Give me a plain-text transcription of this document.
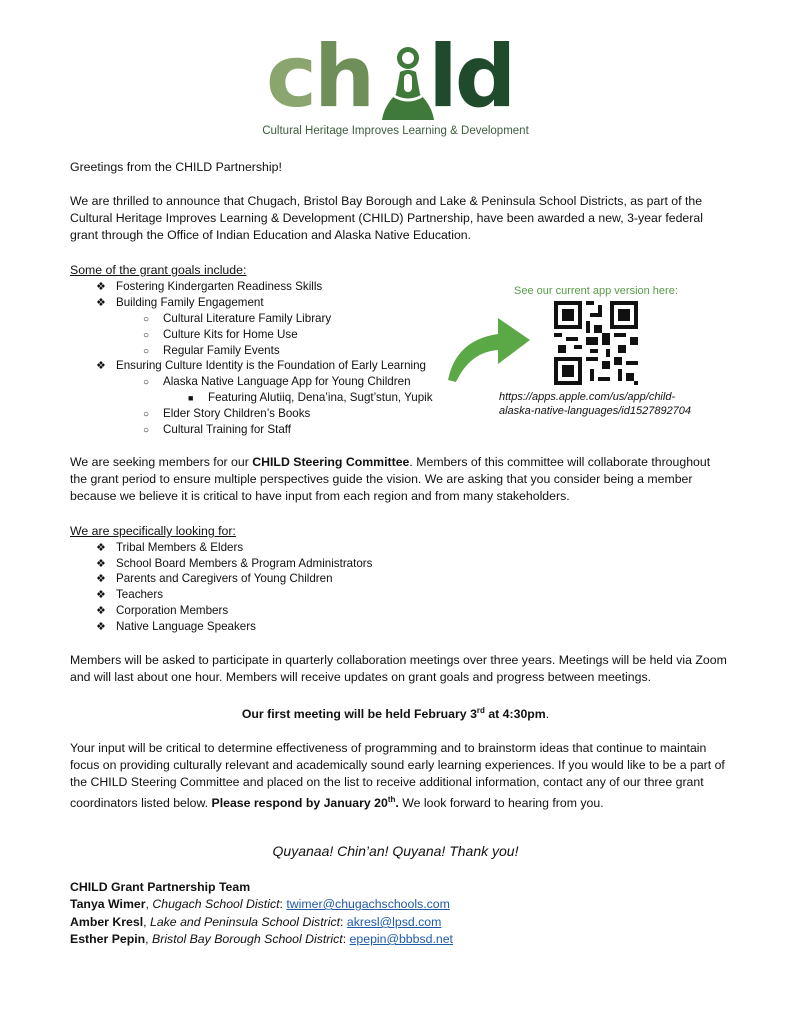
ch ld
Cultural Heritage Improves Learning & Development

Greetings from the CHILD Partnership!

We are thrilled to announce that Chugach, Bristol Bay Borough and Lake & Peninsula School Districts, as part of the Cultural Heritage Improves Learning & Development (CHILD) Partnership, have been awarded a new, 3-year federal grant through the Office of Indian Education and Alaska Native Education.

Some of the grant goals include:

❖ Fostering Kindergarten Readiness Skills
❖ Building Family Engagement
○ Cultural Literature Family Library
○ Culture Kits for Home Use
○ Regular Family Events
❖ Ensuring Culture Identity is the Foundation of Early Learning
○ Alaska Native Language App for Young Children
■ Featuring Alutiiq, Dena’ina, Sugt’stun, Yupik
○ Elder Story Children’s Books
○ Cultural Training for Staff
See our current app version here:
https://apps.apple.com/us/app/child-alaska-native-languages/id1527892704

We are seeking members for our CHILD Steering Committee. Members of this committee will collaborate throughout the grant period to ensure multiple perspectives guide the vision. We are asking that you consider being a member because we believe it is critical to have input from each region and from many stakeholders.

We are specifically looking for:

❖ Tribal Members & Elders
❖ School Board Members & Program Administrators
❖ Parents and Caregivers of Young Children
❖ Teachers
❖ Corporation Members
❖ Native Language Speakers

Members will be asked to participate in quarterly collaboration meetings over three years. Meetings will be held via Zoom and will last about one hour. Members will receive updates on grant goals and progress between meetings.

Our first meeting will be held February 3rd at 4:30pm.

Your input will be critical to determine effectiveness of programming and to brainstorm ideas that continue to maintain focus on providing culturally relevant and academically sound early learning experiences. If you would like to be a part of the CHILD Steering Committee and placed on the list to receive additional information, contact any of our three grant coordinators listed below. Please respond by January 20th. We look forward to hearing from you.

Quyanaa! Chin’an! Quyana! Thank you!
CHILD Grant Partnership Team
Tanya Wimer, Chugach School Distict: twimer@chugachschools.com
Amber Kresl, Lake and Peninsula School District: akresl@lpsd.com
Esther Pepin, Bristol Bay Borough School District: epepin@bbbsd.net
